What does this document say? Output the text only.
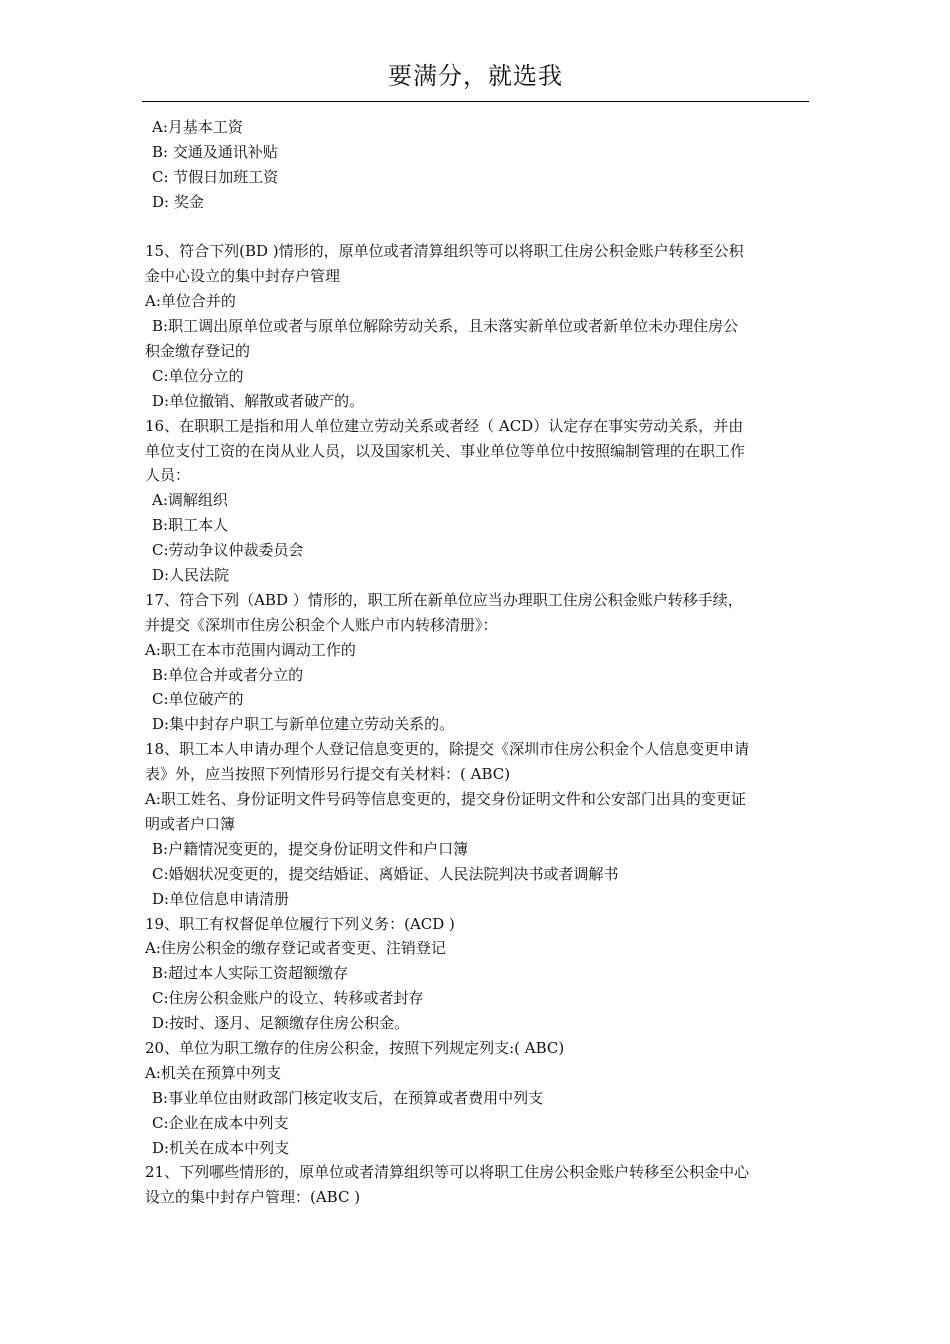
要满分，就选我
A:月基本工资
B: 交通及通讯补贴
C: 节假日加班工资
D: 奖金
15、符合下列(BD )情形的，原单位或者清算组织等可以将职工住房公积金账户转移至公积
金中心设立的集中封存户管理
A:单位合并的
B:职工调出原单位或者与原单位解除劳动关系，且未落实新单位或者新单位未办理住房公
积金缴存登记的
C:单位分立的
D:单位撤销、解散或者破产的。
16、在职职工是指和用人单位建立劳动关系或者经（ ACD）认定存在事实劳动关系，并由
单位支付工资的在岗从业人员，以及国家机关、事业单位等单位中按照编制管理的在职工作
人员：
A:调解组织
B:职工本人
C:劳动争议仲裁委员会
D:人民法院
17、符合下列（ABD ）情形的，职工所在新单位应当办理职工住房公积金账户转移手续，
并提交《深圳市住房公积金个人账户市内转移清册》：
A:职工在本市范围内调动工作的
B:单位合并或者分立的
C:单位破产的
D:集中封存户职工与新单位建立劳动关系的。
18、职工本人申请办理个人登记信息变更的，除提交《深圳市住房公积金个人信息变更申请
表》外，应当按照下列情形另行提交有关材料：( ABC)
A:职工姓名、身份证明文件号码等信息变更的，提交身份证明文件和公安部门出具的变更证
明或者户口簿
B:户籍情况变更的，提交身份证明文件和户口簿
C:婚姻状况变更的，提交结婚证、离婚证、人民法院判决书或者调解书
D:单位信息申请清册
19、职工有权督促单位履行下列义务：(ACD )
A:住房公积金的缴存登记或者变更、注销登记
B:超过本人实际工资超额缴存
C:住房公积金账户的设立、转移或者封存
D:按时、逐月、足额缴存住房公积金。
20、单位为职工缴存的住房公积金，按照下列规定列支:( ABC)
A:机关在预算中列支
B:事业单位由财政部门核定收支后，在预算或者费用中列支
C:企业在成本中列支
D:机关在成本中列支
21、下列哪些情形的，原单位或者清算组织等可以将职工住房公积金账户转移至公积金中心
设立的集中封存户管理：(ABC )
